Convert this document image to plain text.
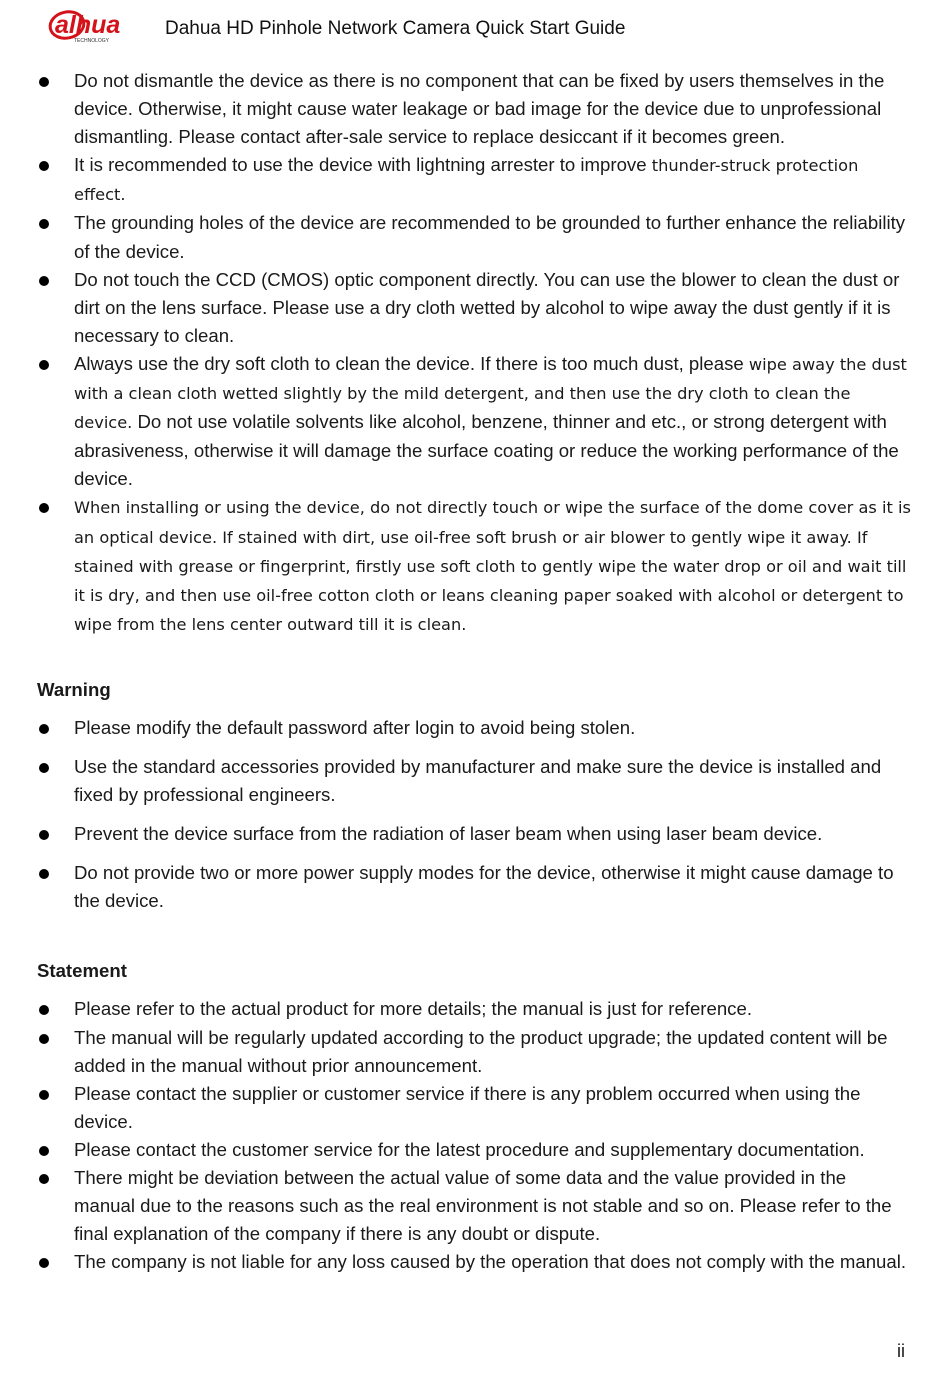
alhua
TECHNOLOGY
Dahua HD Pinhole Network Camera Quick Start Guide
Do not dismantle the device as there is no component that can be fixed by users themselves in the device. Otherwise, it might cause water leakage or bad image for the device due to unprofessional dismantling. Please contact after-sale service to replace desiccant if it becomes green.
It is recommended to use the device with lightning arrester to improve thunder-struck protection effect.
The grounding holes of the device are recommended to be grounded to further enhance the reliability of the device.
Do not touch the CCD (CMOS) optic component directly. You can use the blower to clean the dust or dirt on the lens surface. Please use a dry cloth wetted by alcohol to wipe away the dust gently if it is necessary to clean.
Always use the dry soft cloth to clean the device. If there is too much dust, please wipe away the dust with a clean cloth wetted slightly by the mild detergent, and then use the dry cloth to clean the device. Do not use volatile solvents like alcohol, benzene, thinner and etc., or strong detergent with abrasiveness, otherwise it will damage the surface coating or reduce the working performance of the device.
When installing or using the device, do not directly touch or wipe the surface of the dome cover as it is an optical device. If stained with dirt, use oil-free soft brush or air blower to gently wipe it away. If stained with grease or fingerprint, firstly use soft cloth to gently wipe the water drop or oil and wait till it is dry, and then use oil-free cotton cloth or leans cleaning paper soaked with alcohol or detergent to wipe from the lens center outward till it is clean.
Warning
Please modify the default password after login to avoid being stolen.
Use the standard accessories provided by manufacturer and make sure the device is installed and fixed by professional engineers.
Prevent the device surface from the radiation of laser beam when using laser beam device.
Do not provide two or more power supply modes for the device, otherwise it might cause damage to the device.
Statement
Please refer to the actual product for more details; the manual is just for reference.
The manual will be regularly updated according to the product upgrade; the updated content will be added in the manual without prior announcement.
Please contact the supplier or customer service if there is any problem occurred when using the device.
Please contact the customer service for the latest procedure and supplementary documentation.
There might be deviation between the actual value of some data and the value provided in the manual due to the reasons such as the real environment is not stable and so on. Please refer to the final explanation of the company if there is any doubt or dispute.
The company is not liable for any loss caused by the operation that does not comply with the manual.
ii
